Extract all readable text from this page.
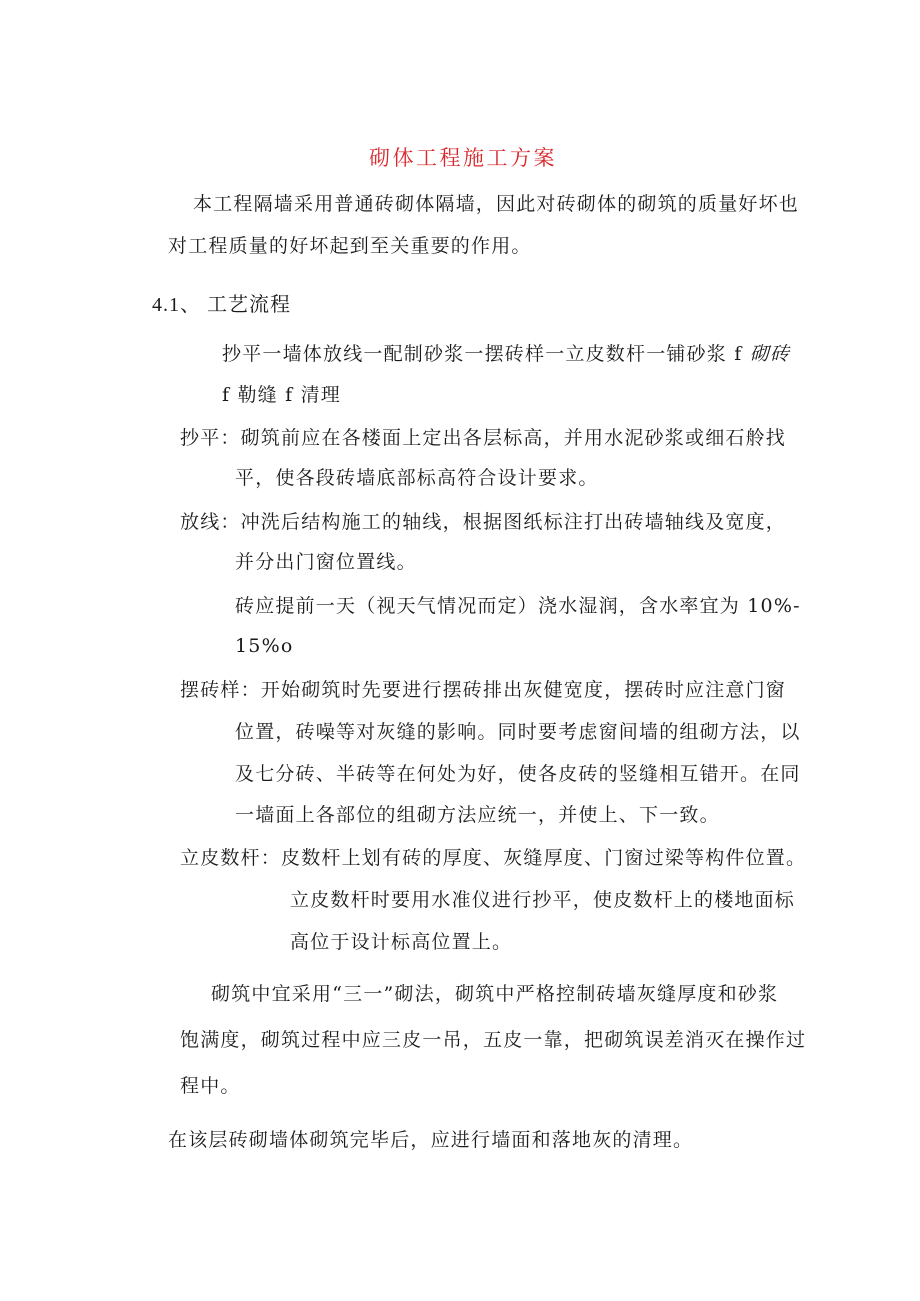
砌体工程施工方案
本工程隔墙采用普通砖砌体隔墙，因此对砖砌体的砌筑的质量好坏也
对工程质量的好坏起到至关重要的作用。
4.1、 工艺流程
抄平一墙体放线一配制砂浆一摆砖样一立皮数杆一铺砂浆 f 砌砖
f 勒缝 f 清理
抄平：砌筑前应在各楼面上定出各层标高，并用水泥砂浆或细石舲找
平，使各段砖墙底部标高符合设计要求。
放线：冲洗后结构施工的轴线，根据图纸标注打出砖墙轴线及宽度，
并分出门窗位置线。
砖应提前一天（视天气情况而定）浇水湿润，含水率宜为 10%-
15%o
摆砖样：开始砌筑时先要进行摆砖排出灰健宽度，摆砖时应注意门窗
位置，砖噪等对灰缝的影响。同时要考虑窗间墙的组砌方法，以
及七分砖、半砖等在何处为好，使各皮砖的竖缝相互错开。在同
一墙面上各部位的组砌方法应统一，并使上、下一致。
立皮数杆：皮数杆上划有砖的厚度、灰缝厚度、门窗过梁等构件位置。
立皮数杆时要用水准仪进行抄平，使皮数杆上的楼地面标
高位于设计标高位置上。
砌筑中宜采用“三一”砌法，砌筑中严格控制砖墙灰缝厚度和砂浆
饱满度，砌筑过程中应三皮一吊，五皮一靠，把砌筑误差消灭在操作过
程中。
在该层砖砌墙体砌筑完毕后，应进行墙面和落地灰的清理。
